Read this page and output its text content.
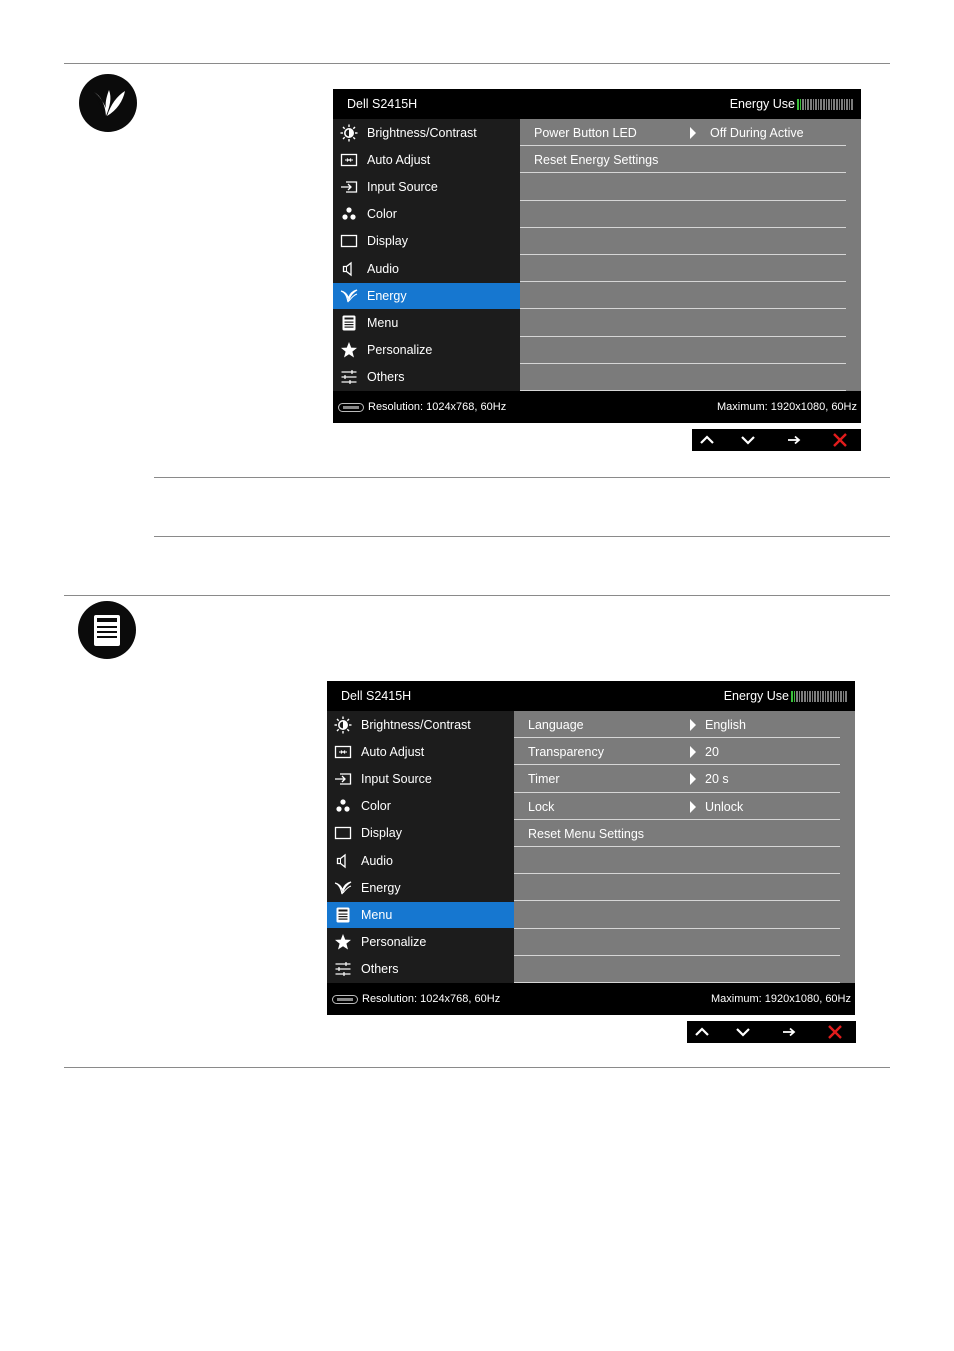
Dell S2415H	Energy Use
Brightness/Contrast
Auto Adjust
Input Source
Color
Display
Audio
Energy
Menu
Personalize
Others
Power Button LED	Off During Active
Reset Energy Settings
Resolution: 1024x768, 60Hz	Maximum: 1920x1080, 60Hz
Dell S2415H	Energy Use
Brightness/Contrast
Auto Adjust
Input Source
Color
Display
Audio
Energy
Menu
Personalize
Others
Language	English
Transparency	20
Timer	20 s
Lock	Unlock
Reset Menu Settings
Resolution: 1024x768, 60Hz	Maximum: 1920x1080, 60Hz
